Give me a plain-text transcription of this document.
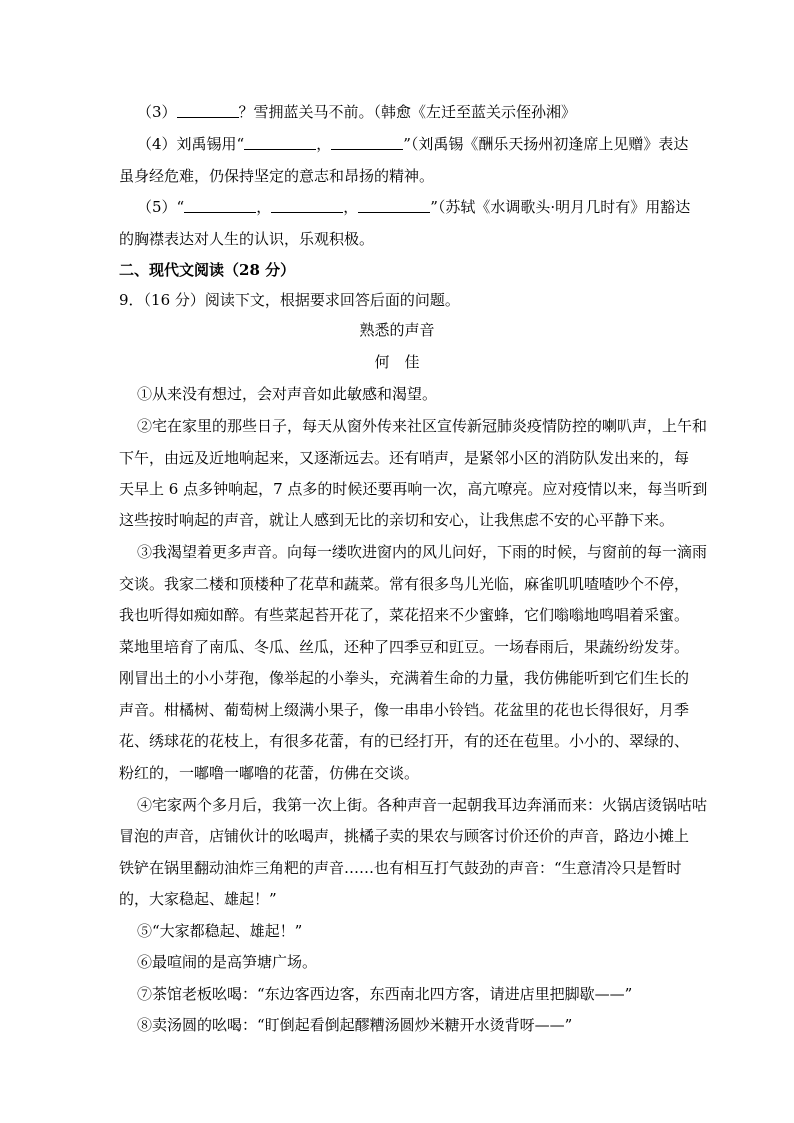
（3）	？雪拥蓝关马不前。（韩愈《左迁至蓝关示侄孙湘》
（4）刘禹锡用“	，	”（刘禹锡《酬乐天扬州初逢席上见赠》表达
虽身经危难，仍保持坚定的意志和昂扬的精神。
（5）“	，	，	”（苏轼《水调歌头·明月几时有》用豁达
的胸襟表达对人生的认识，乐观积极。
二、现代文阅读（28 分）
9．（16 分）阅读下文，根据要求回答后面的问题。
熟悉的声音
何　佳
①从来没有想过，会对声音如此敏感和渴望。
②宅在家里的那些日子，每天从窗外传来社区宣传新冠肺炎疫情防控的喇叭声，上午和
下午，由远及近地响起来，又逐渐远去。还有哨声，是紧邻小区的消防队发出来的，每
天早上 6 点多钟响起，7 点多的时候还要再响一次，高亢嘹亮。应对疫情以来，每当听到
这些按时响起的声音，就让人感到无比的亲切和安心，让我焦虑不安的心平静下来。
③我渴望着更多声音。向每一缕吹进窗内的风儿问好，下雨的时候，与窗前的每一滴雨
交谈。我家二楼和顶楼种了花草和蔬菜。常有很多鸟儿光临，麻雀叽叽喳喳吵个不停，
我也听得如痴如醉。有些菜起苔开花了，菜花招来不少蜜蜂，它们嗡嗡地鸣唱着采蜜。
菜地里培育了南瓜、冬瓜、丝瓜，还种了四季豆和豇豆。一场春雨后，果蔬纷纷发芽。
刚冒出土的小小芽孢，像举起的小拳头，充满着生命的力量，我仿佛能听到它们生长的
声音。柑橘树、葡萄树上缀满小果子，像一串串小铃铛。花盆里的花也长得很好，月季
花、绣球花的花枝上，有很多花蕾，有的已经打开，有的还在苞里。小小的、翠绿的、
粉红的，一嘟噜一嘟噜的花蕾，仿佛在交谈。
④宅家两个多月后，我第一次上街。各种声音一起朝我耳边奔涌而来：火锅店烫锅咕咕
冒泡的声音，店铺伙计的吆喝声，挑橘子卖的果农与顾客讨价还价的声音，路边小摊上
铁铲在锅里翻动油炸三角粑的声音……也有相互打气鼓劲的声音：“生意清冷只是暂时
的，大家稳起、雄起！”
⑤“大家都稳起、雄起！”
⑥最喧闹的是高笋塘广场。
⑦茶馆老板吆喝：“东边客西边客，东西南北四方客，请进店里把脚歇——”
⑧卖汤圆的吆喝：“盯倒起看倒起醪糟汤圆炒米糖开水烫背呀——”
